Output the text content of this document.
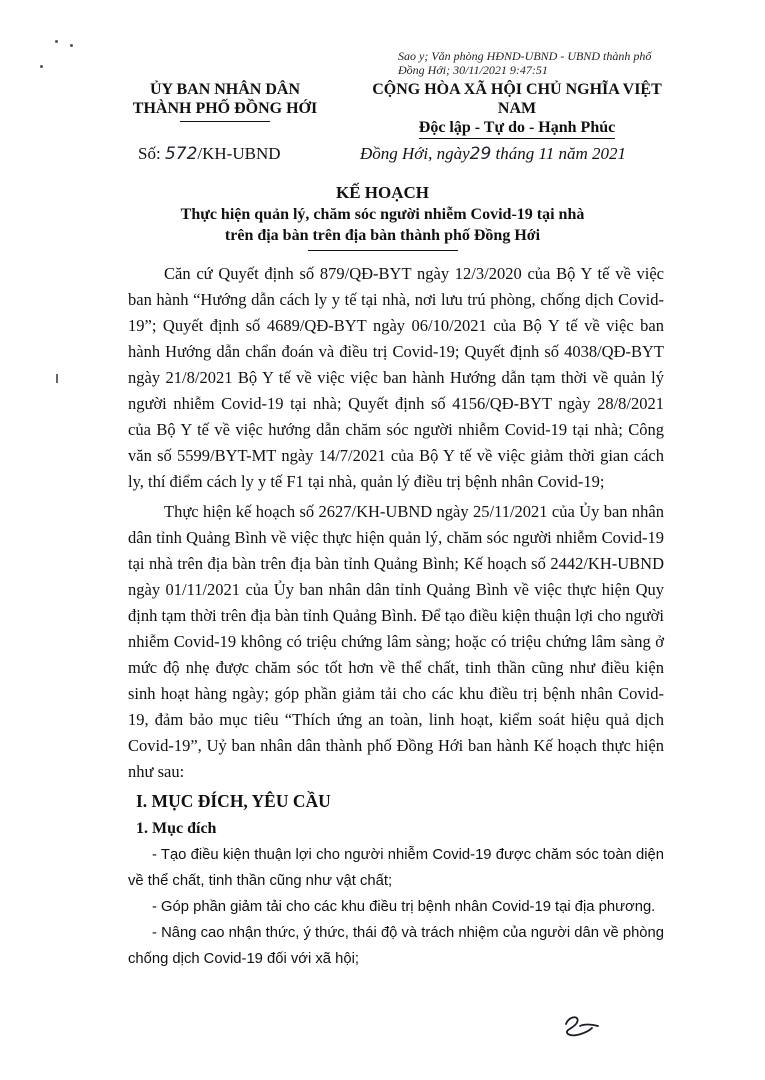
Sao y; Văn phòng HĐND-UBND - UBND thành phố
Đồng Hới; 30/11/2021 9:47:51
ỦY BAN NHÂN DÂN
THÀNH PHỐ ĐỒNG HỚI
CỘNG HÒA XÃ HỘI CHỦ NGHĨA VIỆT NAM
Độc lập - Tự do - Hạnh Phúc
Số: 572/KH-UBND	Đồng Hới, ngày29 tháng 11 năm 2021
KẾ HOẠCH
Thực hiện quản lý, chăm sóc người nhiễm Covid-19 tại nhà
trên địa bàn trên địa bàn thành phố Đồng Hới

Căn cứ Quyết định số 879/QĐ-BYT ngày 12/3/2020 của Bộ Y tế về việc ban hành “Hướng dẫn cách ly y tế tại nhà, nơi lưu trú phòng, chống dịch Covid-19”; Quyết định số 4689/QĐ-BYT ngày 06/10/2021 của Bộ Y tế về việc ban hành Hướng dẫn chẩn đoán và điều trị Covid-19; Quyết định số 4038/QĐ-BYT ngày 21/8/2021 Bộ Y tế về việc việc ban hành Hướng dẫn tạm thời về quản lý người nhiễm Covid-19 tại nhà; Quyết định số 4156/QĐ-BYT ngày 28/8/2021 của Bộ Y tế về việc hướng dẫn chăm sóc người nhiễm Covid-19 tại nhà; Công văn số 5599/BYT-MT ngày 14/7/2021 của Bộ Y tế về việc giảm thời gian cách ly, thí điểm cách ly y tế F1 tại nhà, quản lý điều trị bệnh nhân Covid-19;

Thực hiện kế hoạch số 2627/KH-UBND ngày 25/11/2021 của Ủy ban nhân dân tỉnh Quảng Bình về việc thực hiện quản lý, chăm sóc người nhiễm Covid-19 tại nhà trên địa bàn trên địa bàn tỉnh Quảng Bình; Kế hoạch số 2442/KH-UBND ngày 01/11/2021 của Ủy ban nhân dân tỉnh Quảng Bình về việc thực hiện Quy định tạm thời trên địa bàn tỉnh Quảng Bình. Để tạo điều kiện thuận lợi cho người nhiễm Covid-19 không có triệu chứng lâm sàng; hoặc có triệu chứng lâm sàng ở mức độ nhẹ được chăm sóc tốt hơn về thể chất, tinh thần cũng như điều kiện sinh hoạt hàng ngày; góp phần giảm tải cho các khu điều trị bệnh nhân Covid-19, đảm bảo mục tiêu “Thích ứng an toàn, linh hoạt, kiểm soát hiệu quả dịch Covid-19”, Uỷ ban nhân dân thành phố Đồng Hới ban hành Kế hoạch thực hiện như sau:

I. MỤC ĐÍCH, YÊU CẦU

1. Mục đích

- Tạo điều kiện thuận lợi cho người nhiễm Covid-19 được chăm sóc toàn diện về thể chất, tinh thần cũng như vật chất;

- Góp phần giảm tải cho các khu điều trị bệnh nhân Covid-19 tại địa phương.

- Nâng cao nhận thức, ý thức, thái độ và trách nhiệm của người dân về phòng chống dịch Covid-19 đối với xã hội;
